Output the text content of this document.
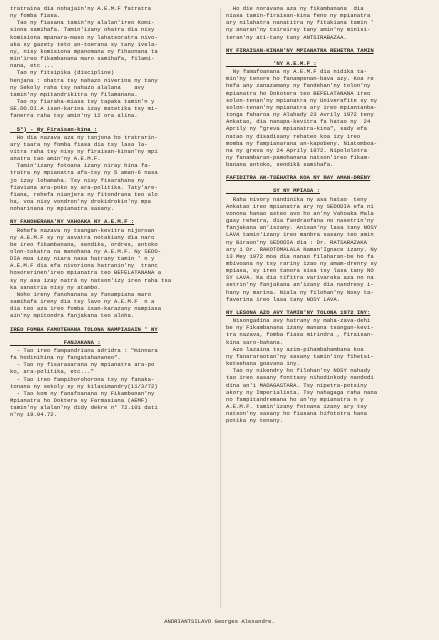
tratraina dia nohajain'ny A.E.M.F fatratra

ny fomba fiasa.

Tao ny fiasana tamin'ny alalan'ireo Komi-

siona samihafa. Tamin'izany ohatra dia nisy

komisiona mpanara-maso ny lahatsoratra nivo-

aka sy gazety teto an-toerana sy tany ivela-

ny, nisy komisiona mpanomana ny fihaonana ta

min'ireo fikambanana maro samihafa, filami-

nana, etc ...

Tao ny fitsipika (discipline)

henjana : ohatra tsy nahazo niverina ny tany

ny Sekoly raha tsy nahazo alalana    avy

tamin'ny mpitandrikitra ny filamanana.

Tao ny fiaraha-miasa tsy tapaka tamin'n y

SE.DO.DI.A isan-karina izay matetika tsy mi-

fanerra raha tsy amin'ny 12 ora alina.

5°) - Ny Firaisan-kina :

Ho dia nazava aza ny tanjona ho tratrarin-

ary taara ny fomba fiasa dia tsy lasa la-

vitra raha tsy nisy ny firaisan-kinan'ny mpi

anatra tao amin'ny A.E.M.F.

Tamin'izany fotoana izany niray hina fa-

tratra ny mpianatra afa-tsy ny 5 aman-6 nasa

jo izay lohamaha. Tsy nisy fisarahana ny

fiaviana ara-poko sy ara-politika. Taty'are-

fiana, rehefa nianjera ny fitondrana teo alo

ha, voa nisy vondron'ny drokidrokin'ny mpa

noharinana ny mpianatra sasany.

NY FANOHERANA'NY VAHOAKA NY A.E.M.F :

Rehefa nazava ny tsangan-kevitra nijoroan

ny A.E.M.F sy ny asvatra notakiany dia naro

be ireo fikambanana, sendika, ordres, antoko

olon-tokatra na manohana ny A.E.M.F. Ny SEDO-

DIA moa izay niara nasa hatrany tamin ' n y

A.E.M.F dia efa nivoriona hatranin'ny  tranc

hosorerinen'ireo mpianatra teo BEFELATANANA a

sy ny asa izay natrá ny natson'izy ireo raha tsa

ka sanatria nisy ny atambo.

Noho ireny fanohanana sy fanampiana maro

samihafa ireny dia tsy lavo ny A.E.M.F  n a

dia teo aza ireo fomba isan-karazany nampiasa

ain'ny mpitondra fanjakana teo aloha.

IREO FOMBA FAMOTEHANA TOLONA NAMPIASAIN ' NY
FANJAKANA :

- Tao ireo fampandriana adridra : "minnara

fa hodinihina ny fangatahananeo".

- Tao ny fisarasarana ny mpianatra ara-po

ko, ara-politika, etc..."

- Tao ireo fampihorohorona tsy ny fanaka-

tonana ny sekoly sy ny kilasimandry(11/3/72)

- Tao kom ny fanafoanana ny Fikambanan'ny

Mpianatra ho Doktera sy Farmasiana (AEMF)

tamin'ny alalan'ny didy dekre n° 72.101 dati

n'ny 19.04.72.

Ho die noravana aza ny fikambanana  dia

niasa tamin-firaisan-kina feno ny mpianatra

ary nilahatra nanatitra ny fitakiana tamin '

ny anaran'ny tsireirsy tany amin'ny minisi-

teran'ny ati-tany tany ANTSIRABAZAA.

NY FIRAISAN-KINAN'NY MPIANATRA REHETRA TAMIN
'NY A.E.M.F :

Ny famafoanana ny A.E.M.F dia nidika ta-

min'ny tenore ho fanampenan-bava azy. Koa re

hefa any zanazamany ny fandehan'ny tolon'ny

mpianatra ho Dokotera teo BEFELATANANA ireo

solon-tenan'ny mpianatra ny Univerafite sy ny

solon-tenan'ny mpianatra ary ireo mpiantanba-

tonga faharoa ny Alahady 23 Avrily 1972 teny

Ankatao, dia nanapa-kevitra fa hatao ny  24

Aprily ny "greva mpianatra-kina", sady efa

natao ny disadisany rehateo koa izy ireo

momba ny fampianarana an-kapobeny. Niatomboa-

na ny greva ny 24 Aprily 1972. Nipololotra

ny fanambaran-pamohanana natson'ireo fikam-

banana antoko, sendikâ samihafa.

FAFIDITRA AN-TSEHATRA KOA NY RAY AMAN-DRENY
SY NY MPIASA :

Raha nivory nandinika ny asa hatao  teny

Ankatao ireo mpianatra ary ny SEDODIA efa ni

vonona hanao asteo avo ho an'ny Vahoaka Mala

gasy rehetra, dia fandraofana no nasetrin'ny

fanjakana an'iszany. Anisan'ny lasa tany NOSY

LAVA tamin'izany ireo manbra sasany teo amin

ny Biraon'ny SEDODIA dia : Dr. RATSARAZAKA

ary i Dr. RAKOTOMALALA Naman'Ignace izany. Ny

13 Mey 1972 moa dia nanao filaharan-be ho fa

mbivoana ny tsy rariny izao ny amam-drenry sy

mpiasa, sy ireo tanora sisa tsy lasa tany NO

SY LAVA. Ka dia tifitra varivaraka aza no na

setrin'ny fanjakana an'izany dia nandresy i-

hany ny marina. Niala ny filohan'ny Nosy ta-

faverina ireo lasa tany NOSY LAVA.

NY LESONA AZO AVY TAMIN'NY TOLONA 1972 INY:

Nisongadina avy hatrany ny maha-zava-dehi

be ny Fikambanana izany manana tsangan-kevi-

tra nazava, fomba fiasa mirindra , firaisan-

kina saro-bahana.

Azo lazaina tsy azim-pihambahambana koa

ny fanararaotan'ny sasany tamin'iny fihetsi-

ketsehana goavana iny.

Tao ny nikendry ho filohan'ny NOSY nahady

tao ireo sasany fonttasy nihodinkody nandodi

dina an'i MADAGASTARA. Tsy nipetra-potsiny

akory ny Imperialista. Tsy nahagaga raha nana

no fampitandremana ho an'ny mpianatra n y

A.E.M.F. tamin'izany fotoana izany ary tsy

natson'ny sasany ho fiasana hifototra hana

potika ny tenany.

ANDRIANTSILAVO Georges Alexandre.
